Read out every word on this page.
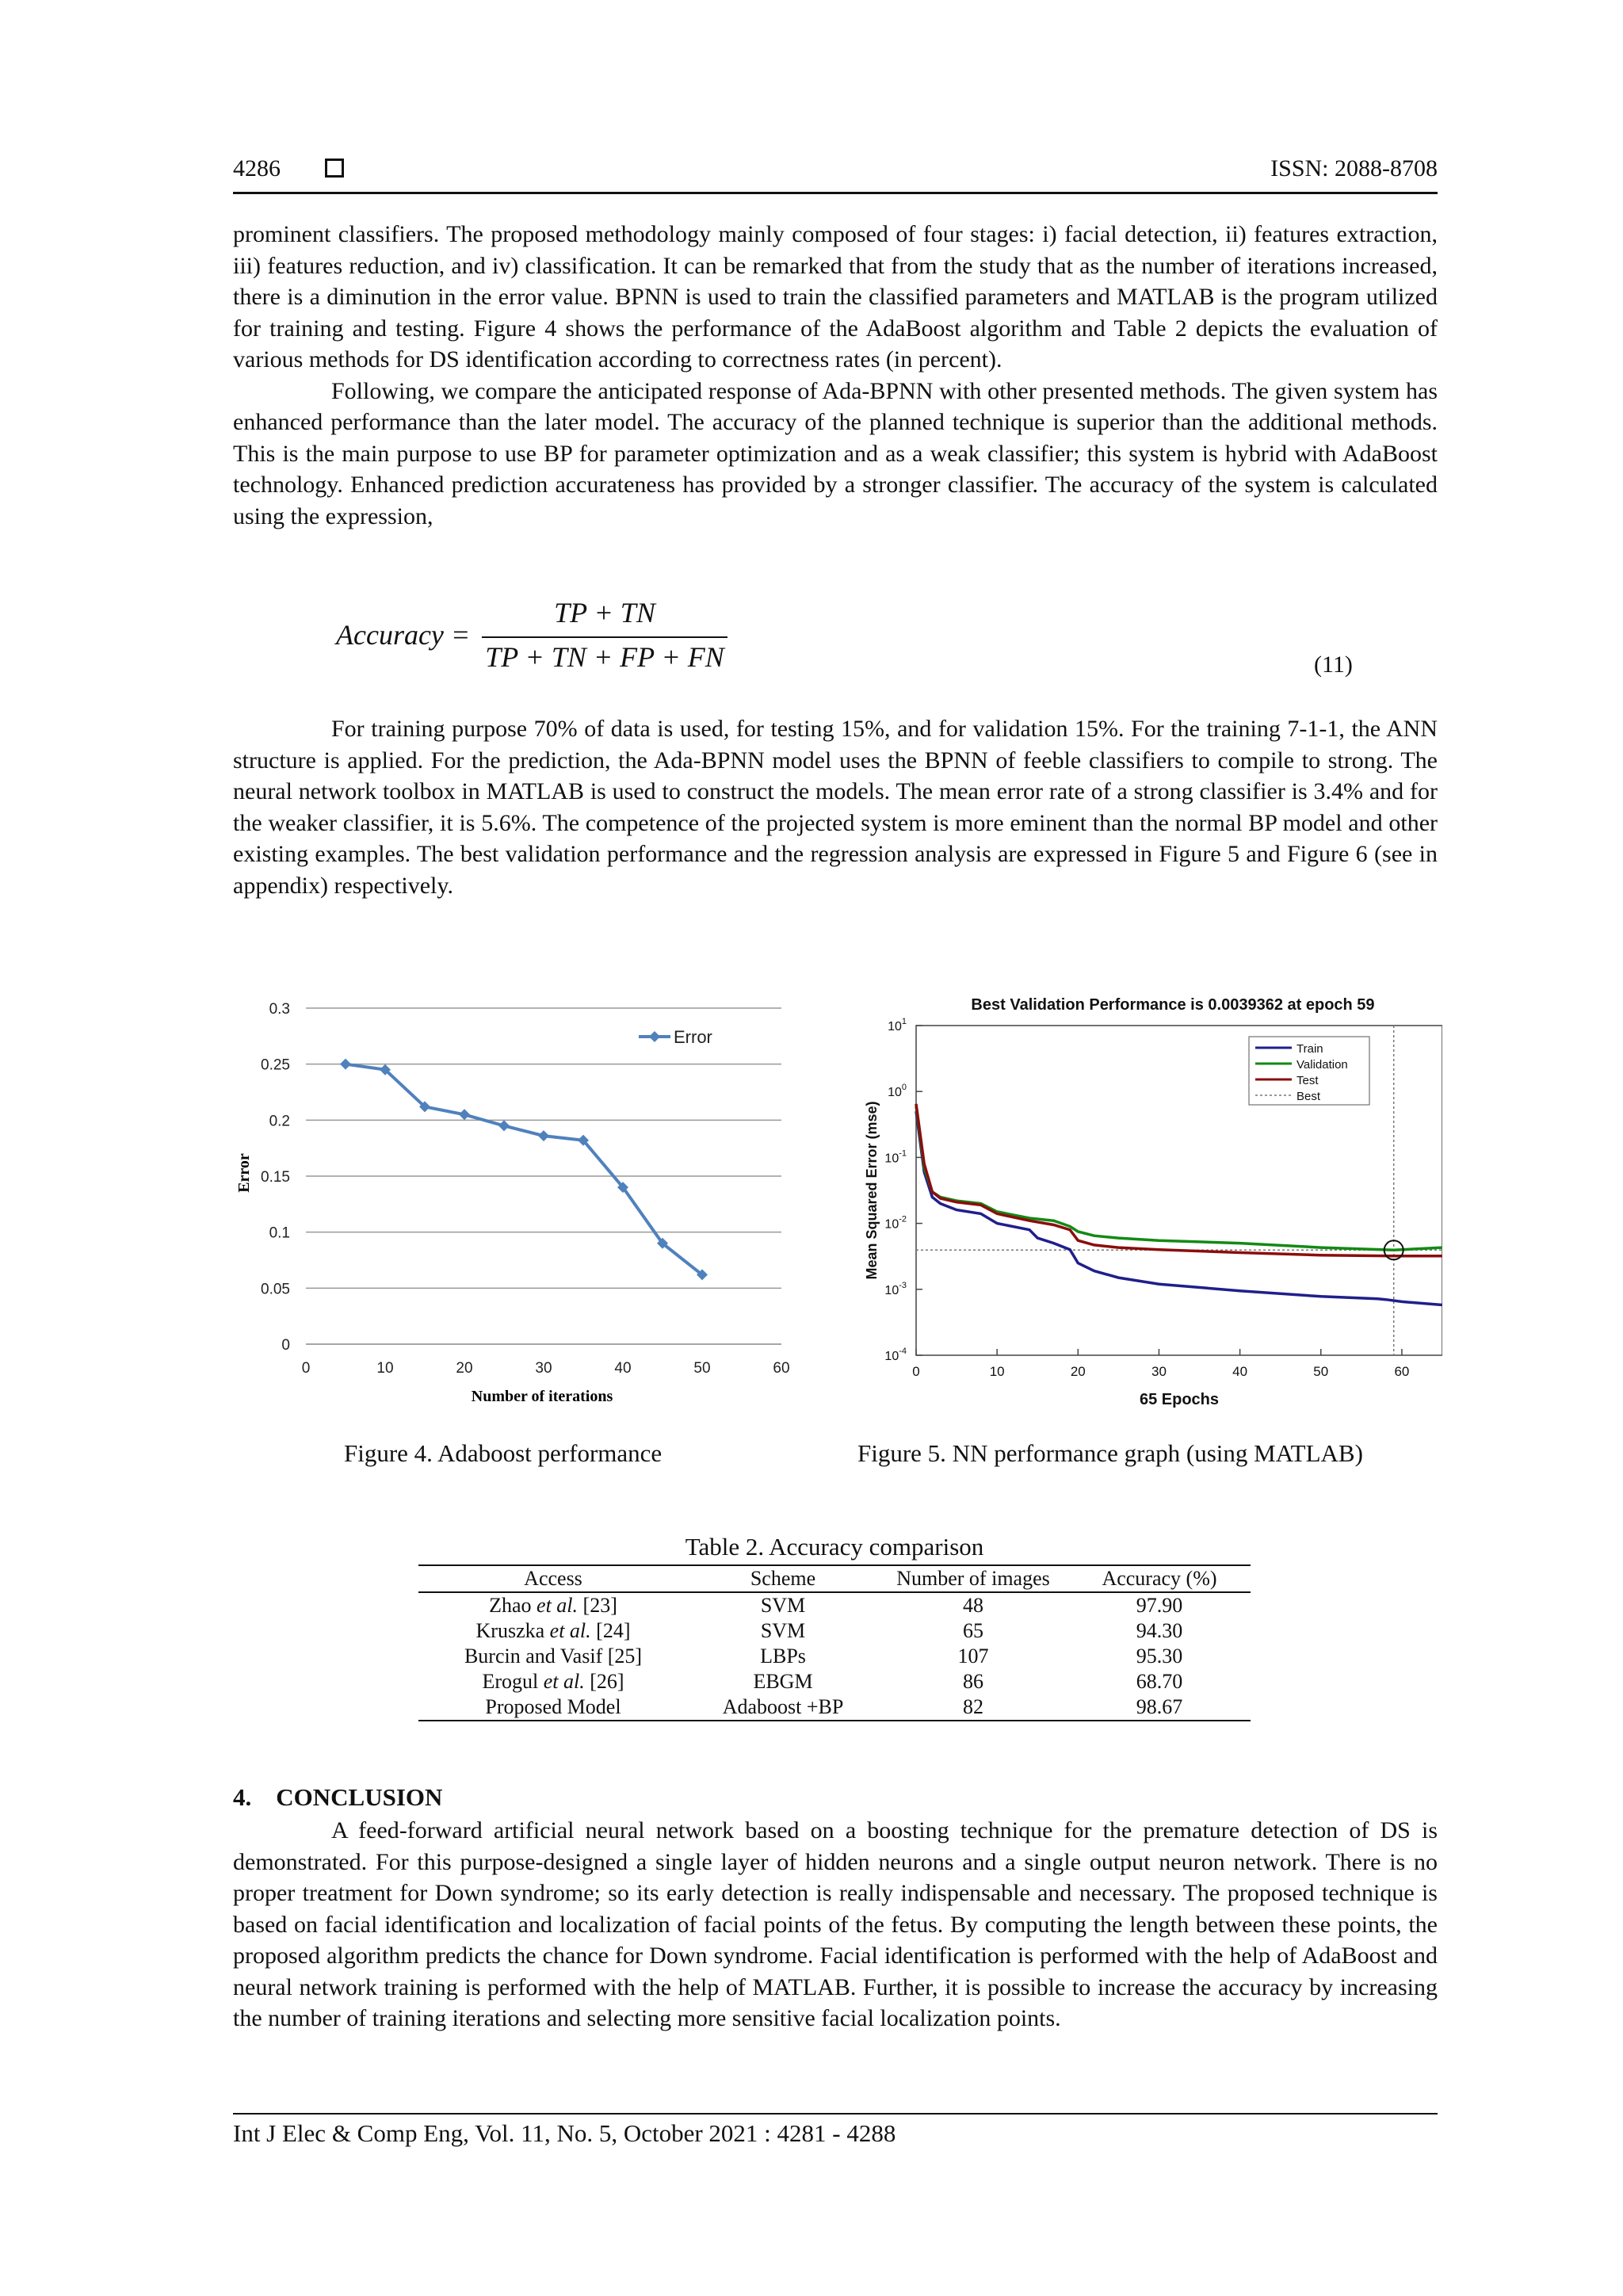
4286	ISSN: 2088-8708

prominent classifiers. The proposed methodology mainly composed of four stages: i) facial detection, ii) features extraction, iii) features reduction, and iv) classification. It can be remarked that from the study that as the number of iterations increased, there is a diminution in the error value. BPNN is used to train the classified parameters and MATLAB is the program utilized for training and testing. Figure 4 shows the performance of the AdaBoost algorithm and Table 2 depicts the evaluation of various methods for DS identification according to correctness rates (in percent).

Following, we compare the anticipated response of Ada-BPNN with other presented methods. The given system has enhanced performance than the later model. The accuracy of the planned technique is superior than the additional methods. This is the main purpose to use BP for parameter optimization and as a weak classifier; this system is hybrid with AdaBoost technology. Enhanced prediction accurateness has provided by a stronger classifier. The accuracy of the system is calculated using the expression,

Accuracy =
TP + TN
TP + TN + FP + FN	(11)

For training purpose 70% of data is used, for testing 15%, and for validation 15%. For the training 7-1-1, the ANN structure is applied. For the prediction, the Ada-BPNN model uses the BPNN of feeble classifiers to compile to strong. The neural network toolbox in MATLAB is used to construct the models. The mean error rate of a strong classifier is 3.4% and for the weaker classifier, it is 5.6%. The competence of the projected system is more eminent than the normal BP model and other existing examples. The best validation performance and the regression analysis are expressed in Figure 5 and Figure 6 (see in appendix) respectively.

0
0.05
0.1
0.15
0.2
0.25
0.3
0	10	20	30	40	50	60
Error
Number of iterations
Error
Best Validation Performance is 0.0039362 at epoch 59
$10^{-4}$
$10^{-3}$
$10^{-2}$
$10^{-1}$
$10^0$
$10^1$
0	10	20	30	40	50	60
Train
Validation
Test
Best
65 Epochs
Mean Squared Error (mse)
Figure 4. Adaboost performance	Figure 5. NN performance graph (using MATLAB)
Table 2. Accuracy comparison
Access	Scheme	Number of images	Accuracy (%)
Zhao et al. [23]	SVM	48	97.90
Kruszka et al. [24]	SVM	65	94.30
Burcin and Vasif [25]	LBPs	107	95.30
Erogul et al. [26]	EBGM	86	68.70
Proposed Model	Adaboost +BP	82	98.67
4. CONCLUSION

A feed-forward artificial neural network based on a boosting technique for the premature detection of DS is demonstrated. For this purpose-designed a single layer of hidden neurons and a single output neuron network. There is no proper treatment for Down syndrome; so its early detection is really indispensable and necessary. The proposed technique is based on facial identification and localization of facial points of the fetus. By computing the length between these points, the proposed algorithm predicts the chance for Down syndrome. Facial identification is performed with the help of AdaBoost and neural network training is performed with the help of MATLAB. Further, it is possible to increase the accuracy by increasing the number of training iterations and selecting more sensitive facial localization points.

Int J Elec & Comp Eng, Vol. 11, No. 5, October 2021 : 4281 - 4288
